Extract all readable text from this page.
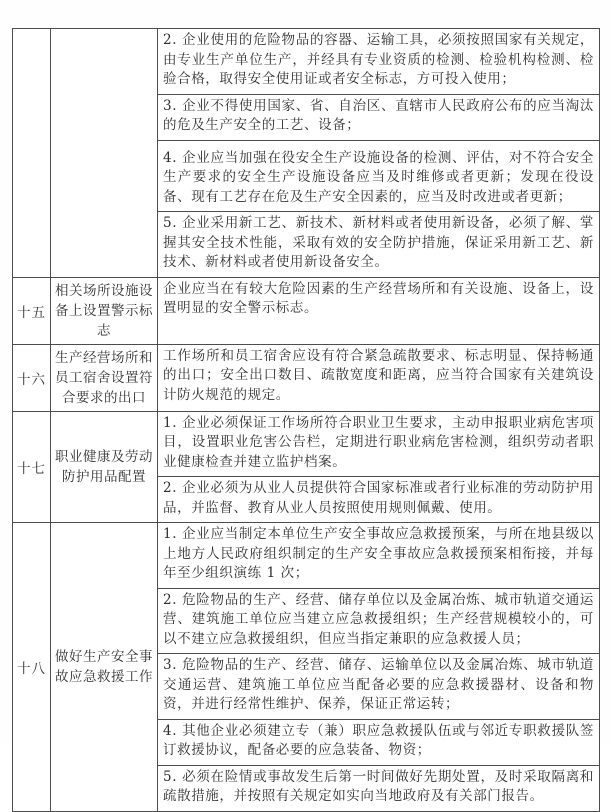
2. 企业使用的危险物品的容器、运输工具，必须按照国家有关规定，由专业生产单位生产，并经具有专业资质的检测、检验机构检测、检验合格，取得安全使用证或者安全标志，方可投入使用；
3. 企业不得使用国家、省、自治区、直辖市人民政府公布的应当淘汰的危及生产安全的工艺、设备；
4. 企业应当加强在役安全生产设施设备的检测、评估，对不符合安全生产要求的安全生产设施设备应当及时维修或者更新；发现在役设备、现有工艺存在危及生产安全因素的，应当及时改进或者更新；
5. 企业采用新工艺、新技术、新材料或者使用新设备，必须了解、掌握其安全技术性能，采取有效的安全防护措施，保证采用新工艺、新技术、新材料或者使用新设备安全。
十五
相关场所设施设备上设置警示标志
企业应当在有较大危险因素的生产经营场所和有关设施、设备上，设置明显的安全警示标志。
十六
生产经营场所和员工宿舍设置符合要求的出口
工作场所和员工宿舍应设有符合紧急疏散要求、标志明显、保持畅通的出口；安全出口数目、疏散宽度和距离，应当符合国家有关建筑设计防火规范的规定。
十七
职业健康及劳动防护用品配置
1. 企业必须保证工作场所符合职业卫生要求，主动申报职业病危害项目，设置职业危害公告栏，定期进行职业病危害检测，组织劳动者职业健康检查并建立监护档案。
2. 企业必须为从业人员提供符合国家标准或者行业标准的劳动防护用品，并监督、教育从业人员按照使用规则佩戴、使用。
十八
做好生产安全事故应急救援工作
1. 企业应当制定本单位生产安全事故应急救援预案，与所在地县级以上地方人民政府组织制定的生产安全事故应急救援预案相衔接，并每年至少组织演练 1 次；
2. 危险物品的生产、经营、储存单位以及金属冶炼、城市轨道交通运营、建筑施工单位应当建立应急救援组织；生产经营规模较小的，可以不建立应急救援组织，但应当指定兼职的应急救援人员；
3. 危险物品的生产、经营、储存、运输单位以及金属冶炼、城市轨道交通运营、建筑施工单位应当配备必要的应急救援器材、设备和物资，并进行经常性维护、保养，保证正常运转；
4. 其他企业必须建立专（兼）职应急救援队伍或与邻近专职救援队签订救援协议，配备必要的应急装备、物资；
5. 必须在险情或事故发生后第一时间做好先期处置，及时采取隔离和疏散措施，并按照有关规定如实向当地政府及有关部门报告。
